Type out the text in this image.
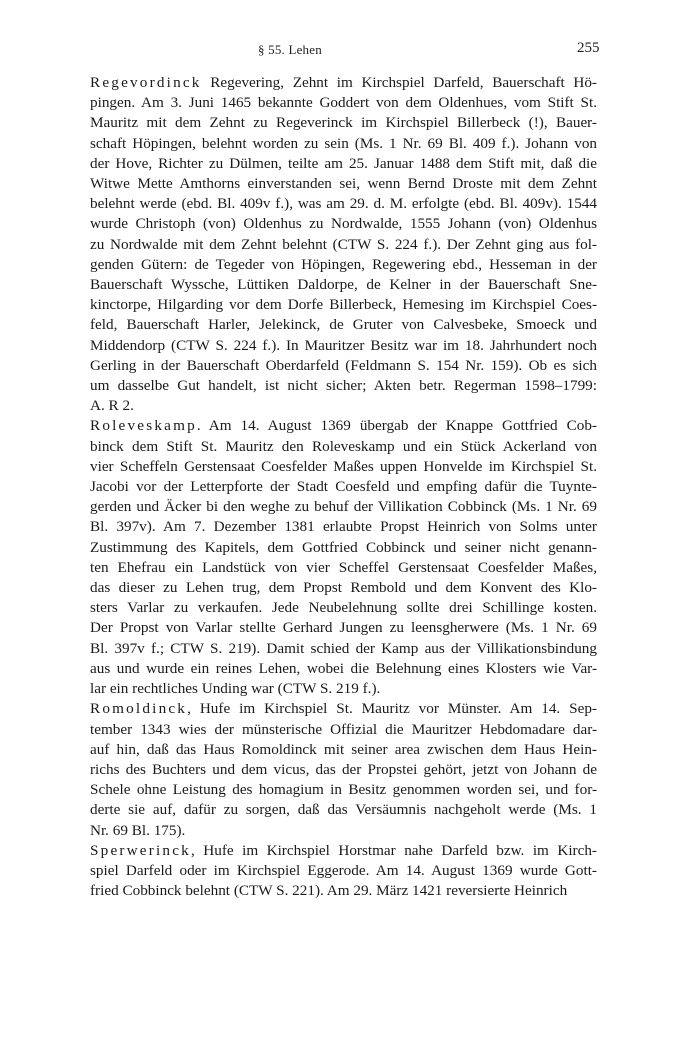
§ 55. Lehen	255

Regevordinck Regevering, Zehnt im Kirchspiel Darfeld, Bauerschaft Hö-
pingen. Am 3. Juni 1465 bekannte Goddert von dem Oldenhues, vom Stift St.
Mauritz mit dem Zehnt zu Regeverinck im Kirchspiel Billerbeck (!), Bauer-
schaft Höpingen, belehnt worden zu sein (Ms. 1 Nr. 69 Bl. 409 f.). Johann von
der Hove, Richter zu Dülmen, teilte am 25. Januar 1488 dem Stift mit, daß die
Witwe Mette Amthorns einverstanden sei, wenn Bernd Droste mit dem Zehnt
belehnt werde (ebd. Bl. 409v f.), was am 29. d. M. erfolgte (ebd. Bl. 409v). 1544
wurde Christoph (von) Oldenhus zu Nordwalde, 1555 Johann (von) Oldenhus
zu Nordwalde mit dem Zehnt belehnt (CTW S. 224 f.). Der Zehnt ging aus fol-
genden Gütern: de Tegeder von Höpingen, Regewering ebd., Hesseman in der
Bauerschaft Wyssche, Lüttiken Daldorpe, de Kelner in der Bauerschaft Sne-
kinctorpe, Hilgarding vor dem Dorfe Billerbeck, Hemesing im Kirchspiel Coes-
feld, Bauerschaft Harler, Jelekinck, de Gruter von Calvesbeke, Smoeck und
Middendorp (CTW S. 224 f.). In Mauritzer Besitz war im 18. Jahrhundert noch
Gerling in der Bauerschaft Oberdarfeld (Feldmann S. 154 Nr. 159). Ob es sich
um dasselbe Gut handelt, ist nicht sicher; Akten betr. Regerman 1598–1799:
A. R 2.

Roleveskamp. Am 14. August 1369 übergab der Knappe Gottfried Cob-
binck dem Stift St. Mauritz den Roleveskamp und ein Stück Ackerland von
vier Scheffeln Gerstensaat Coesfelder Maßes uppen Honvelde im Kirchspiel St.
Jacobi vor der Letterpforte der Stadt Coesfeld und empfing dafür die Tuynte-
gerden und Äcker bi den weghe zu behuf der Villikation Cobbinck (Ms. 1 Nr. 69
Bl. 397v). Am 7. Dezember 1381 erlaubte Propst Heinrich von Solms unter
Zustimmung des Kapitels, dem Gottfried Cobbinck und seiner nicht genann-
ten Ehefrau ein Landstück von vier Scheffel Gerstensaat Coesfelder Maßes,
das dieser zu Lehen trug, dem Propst Rembold und dem Konvent des Klo-
sters Varlar zu verkaufen. Jede Neubelehnung sollte drei Schillinge kosten.
Der Propst von Varlar stellte Gerhard Jungen zu leensgherwere (Ms. 1 Nr. 69
Bl. 397v f.; CTW S. 219). Damit schied der Kamp aus der Villikationsbindung
aus und wurde ein reines Lehen, wobei die Belehnung eines Klosters wie Var-
lar ein rechtliches Unding war (CTW S. 219 f.).

Romoldinck, Hufe im Kirchspiel St. Mauritz vor Münster. Am 14. Sep-
tember 1343 wies der münsterische Offizial die Mauritzer Hebdomadare dar-
auf hin, daß das Haus Romoldinck mit seiner area zwischen dem Haus Hein-
richs des Buchters und dem vicus, das der Propstei gehört, jetzt von Johann de
Schele ohne Leistung des homagium in Besitz genommen worden sei, und for-
derte sie auf, dafür zu sorgen, daß das Versäumnis nachgeholt werde (Ms. 1
Nr. 69 Bl. 175).

Sperwerinck, Hufe im Kirchspiel Horstmar nahe Darfeld bzw. im Kirch-
spiel Darfeld oder im Kirchspiel Eggerode. Am 14. August 1369 wurde Gott-
fried Cobbinck belehnt (CTW S. 221). Am 29. März 1421 reversierte Heinrich
